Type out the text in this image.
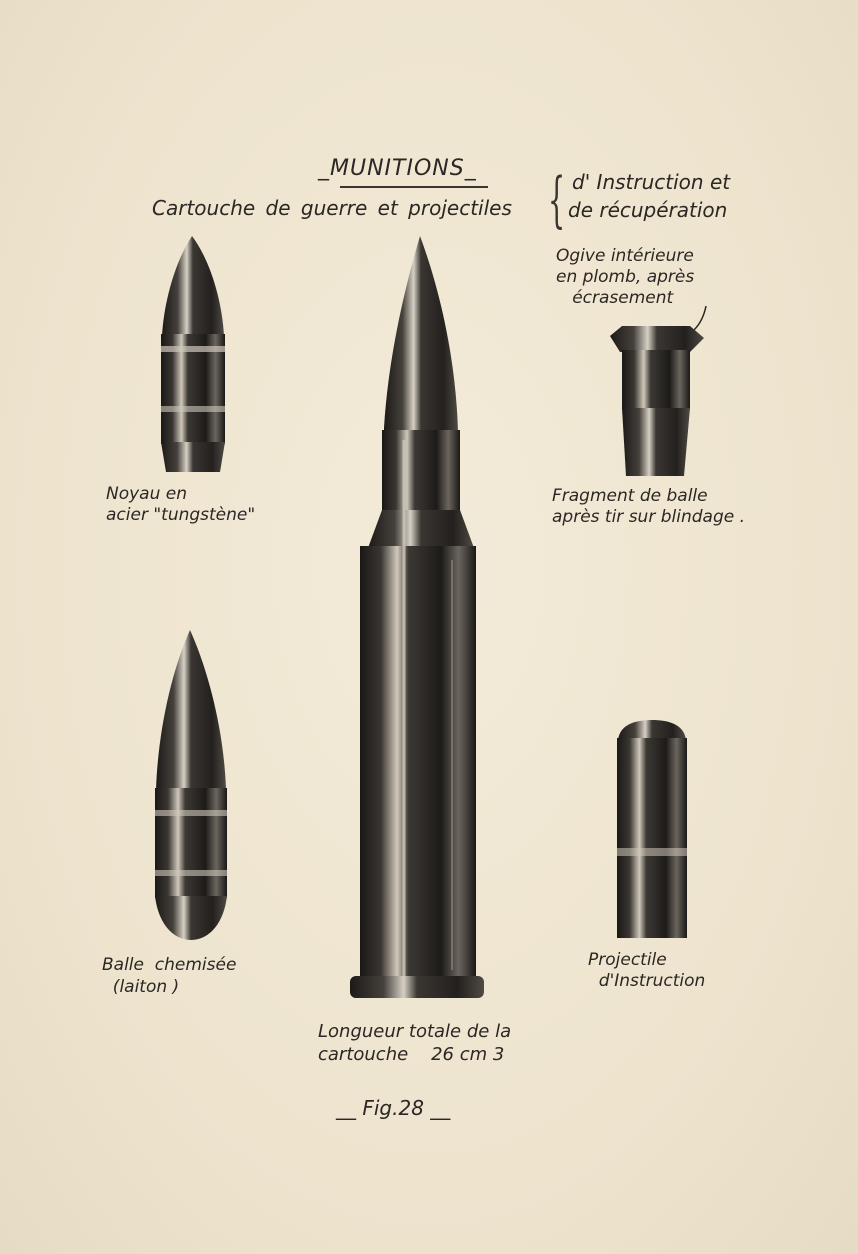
_MUNITIONS_
Cartouche de guerre et projectiles { d' Instruction et
de récupération
Ogive intérieure
en plomb, après
écrasement
Noyau en
acier "tungstène"
Fragment de balle
après tir sur blindage .
Balle  chemisée
(laiton )
Projectile
d'Instruction
Longueur totale de la
cartouche    26 cm 3
__ Fig.28 __
